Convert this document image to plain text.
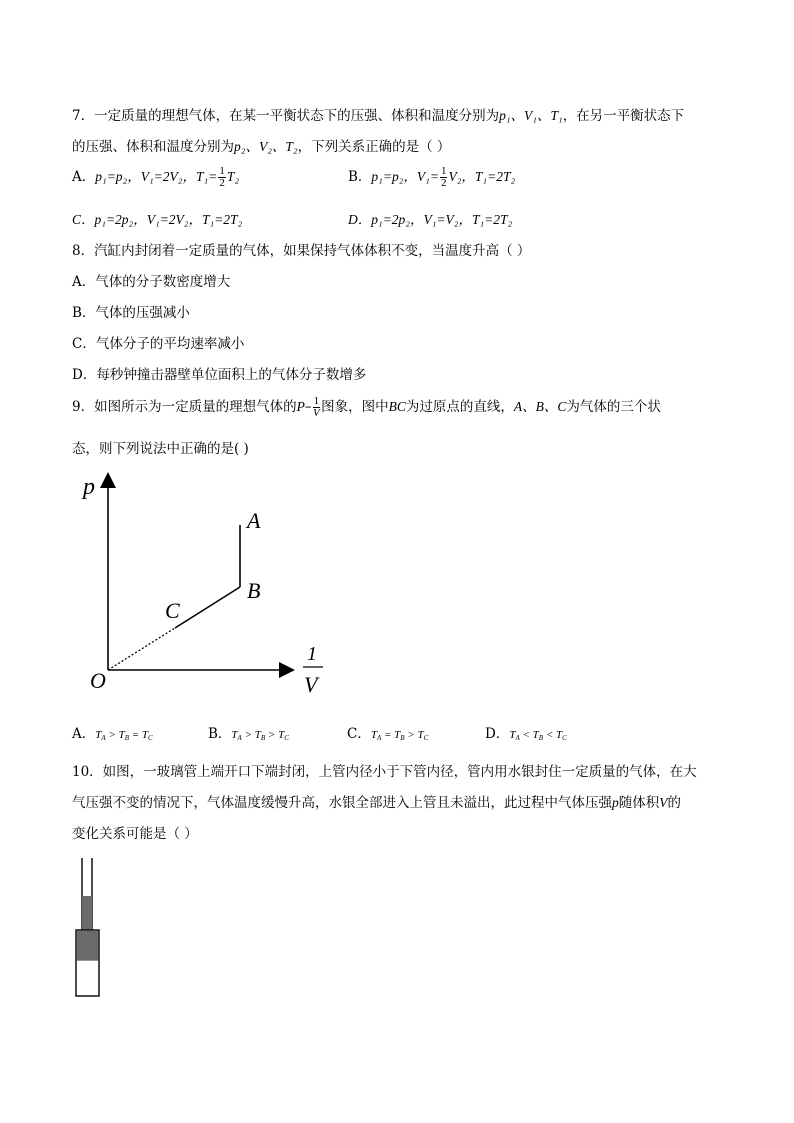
7．一定质量的理想气体，在某一平衡状态下的压强、体积和温度分别为p₁、V₁、T₁，在另一平衡状态下
的压强、体积和温度分别为p₂、V₂、T₂，下列关系正确的是（ ）
A．p₁=p₂，V₁=2V₂，$T_1= \frac{1}{2} T_2$	B．p₁=p₂，$V_1= \frac{1}{2} V_2$，T₁=2T₂
C．p₁=2p₂，V₁=2V₂，T₁=2T₂	D．p₁=2p₂，V₁=V₂，T₁=2T₂
8．汽缸内封闭着一定质量的气体，如果保持气体体积不变，当温度升高（ ）
A．气体的分子数密度增大
B．气体的压强减小
C．气体分子的平均速率减小
D．每秒钟撞击器壁单位面积上的气体分子数增多
9．如图所示为一定质量的理想气体的$P- \frac{1}{V}$ 图象，图中BC为过原点的直线，A、B、C为气体的三个状
态，则下列说法中正确的是( )
p
O
A
B
C
1
V
A．$T_A > T_B = T_C$	B．$T_A > T_B > T_C$	C．$T_A = T_B > T_C$	D．$T_A < T_B < T_C$
10．如图，一玻璃管上端开口下端封闭，上管内径小于下管内径，管内用水银封住一定质量的气体，在大
气压强不变的情况下，气体温度缓慢升高，水银全部进入上管且未溢出，此过程中气体压强p随体积V的
变化关系可能是（ ）
